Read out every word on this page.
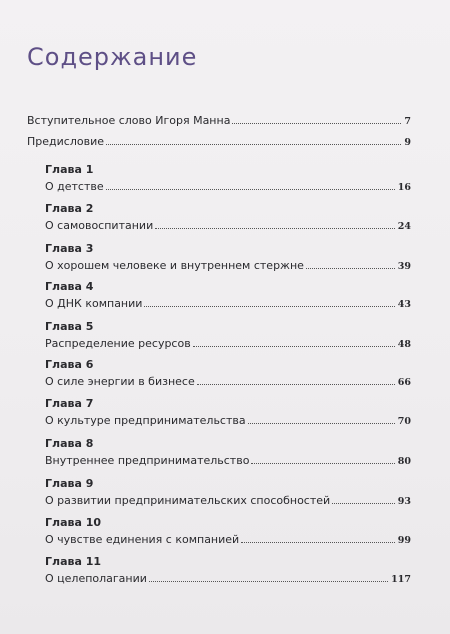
Содержание
Вступительное слово Игоря Манна	7
Предисловие	9
Глава 1
О детстве	16
Глава 2
О самовоспитании	24
Глава 3
О хорошем человеке и внутреннем стержне	39
Глава 4
О ДНК компании	43
Глава 5
Распределение ресурсов	48
Глава 6
О силе энергии в бизнесе	66
Глава 7
О культуре предпринимательства	70
Глава 8
Внутреннее предпринимательство	80
Глава 9
О развитии предпринимательских способностей	93
Глава 10
О чувстве единения с компанией	99
Глава 11
О целеполагании	117
